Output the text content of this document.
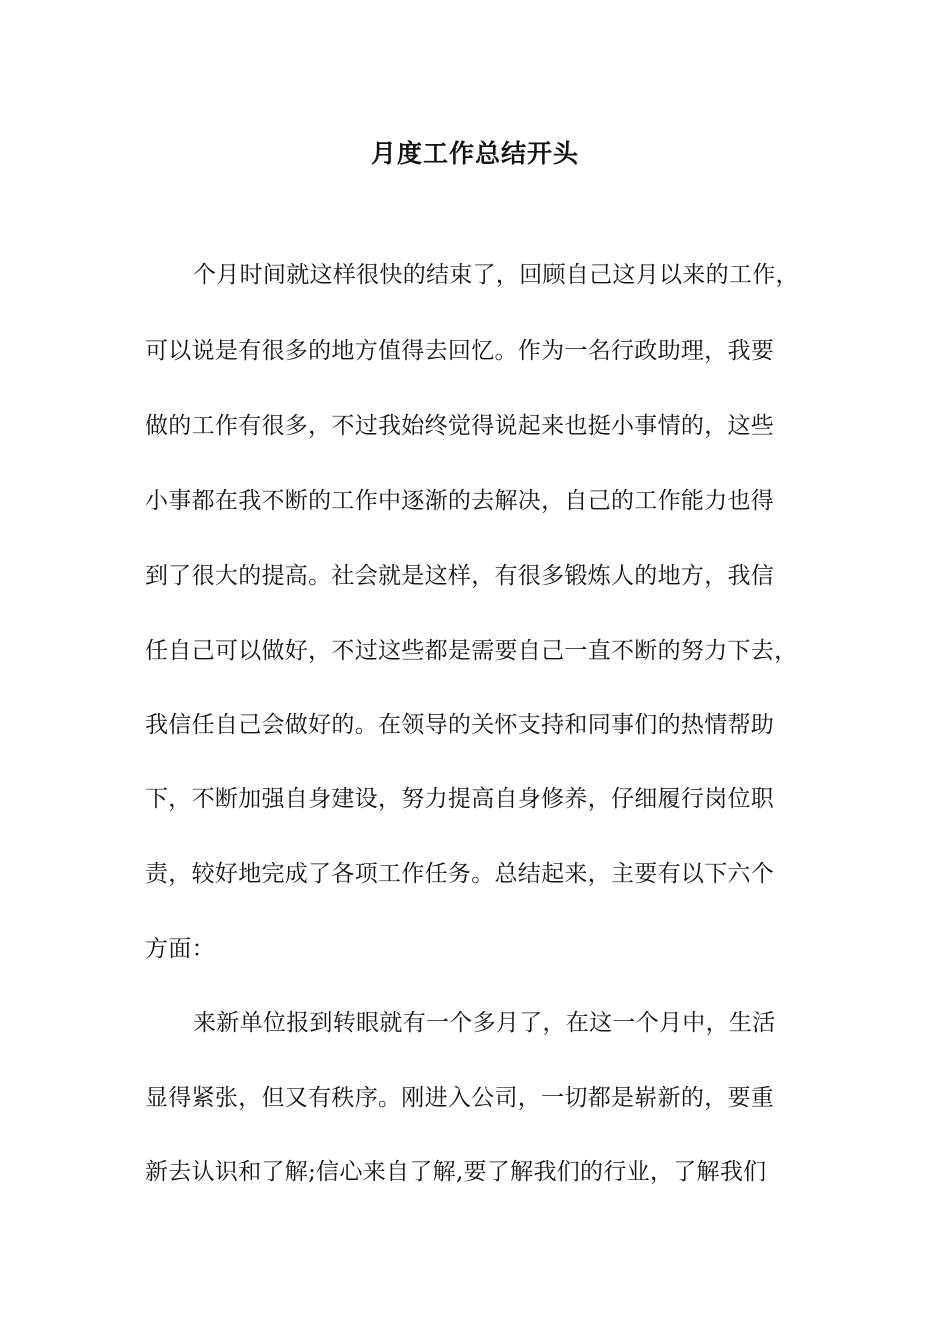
月度工作总结开头

个月时间就这样很快的结束了，回顾自己这月以来的工作，

可以说是有很多的地方值得去回忆。作为一名行政助理，我要

做的工作有很多，不过我始终觉得说起来也挺小事情的，这些

小事都在我不断的工作中逐渐的去解决，自己的工作能力也得

到了很大的提高。社会就是这样，有很多锻炼人的地方，我信

任自己可以做好，不过这些都是需要自己一直不断的努力下去，

我信任自己会做好的。在领导的关怀支持和同事们的热情帮助

下，不断加强自身建设，努力提高自身修养，仔细履行岗位职

责，较好地完成了各项工作任务。总结起来，主要有以下六个

方面：

来新单位报到转眼就有一个多月了，在这一个月中，生活

显得紧张，但又有秩序。刚进入公司，一切都是崭新的，要重

新去认识和了解;信心来自了解,要了解我们的行业，了解我们
